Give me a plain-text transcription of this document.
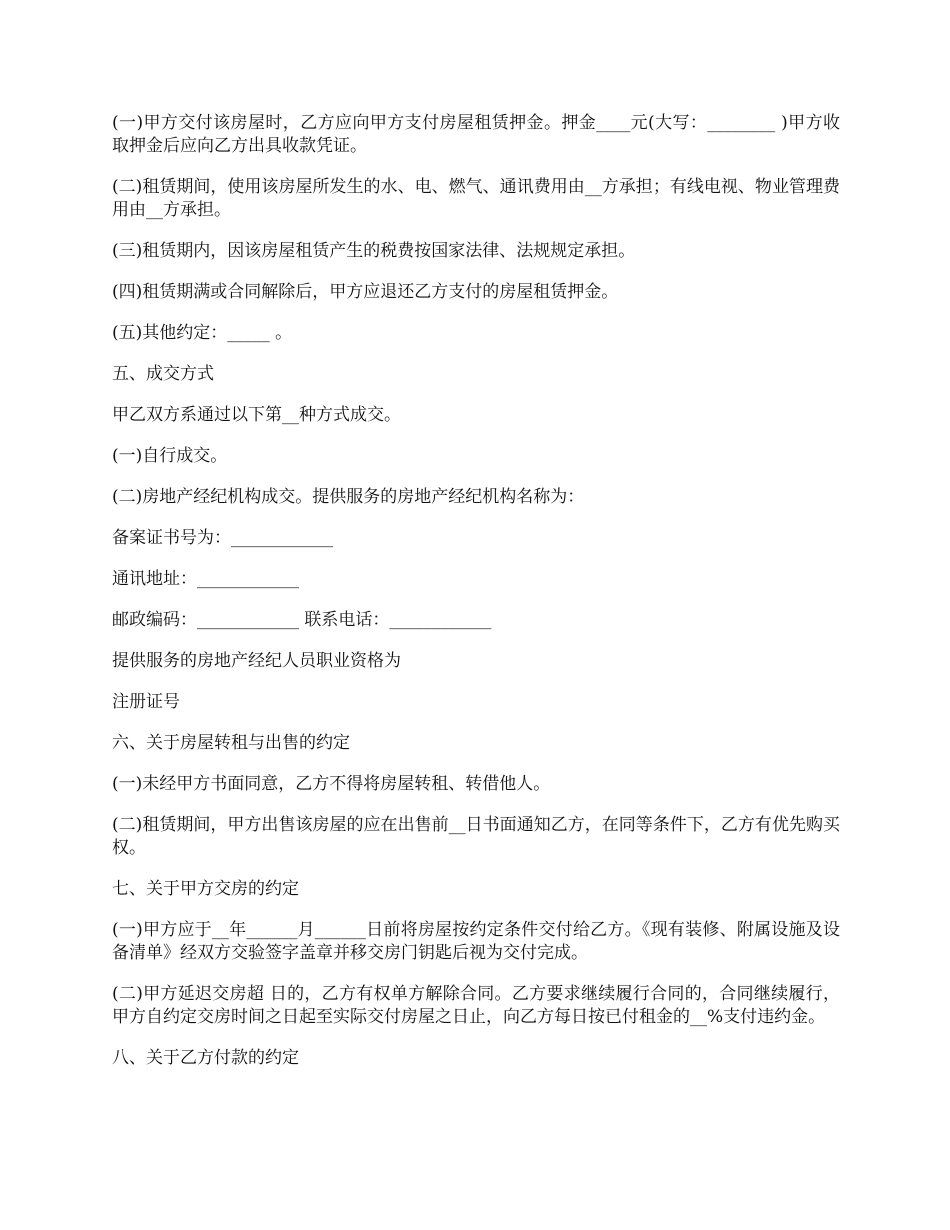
(一)甲方交付该房屋时，乙方应向甲方支付房屋租赁押金。押金____元(大写：________ )甲方收取押金后应向乙方出具收款凭证。

(二)租赁期间，使用该房屋所发生的水、电、燃气、通讯费用由__方承担；有线电视、物业管理费用由__方承担。

(三)租赁期内，因该房屋租赁产生的税费按国家法律、法规规定承担。

(四)租赁期满或合同解除后，甲方应退还乙方支付的房屋租赁押金。

(五)其他约定：_____ 。

五、成交方式

甲乙双方系通过以下第__种方式成交。

(一)自行成交。

(二)房地产经纪机构成交。提供服务的房地产经纪机构名称为：

备案证书号为：____________

通讯地址：____________

邮政编码：____________ 联系电话：____________

提供服务的房地产经纪人员职业资格为

注册证号

六、关于房屋转租与出售的约定

(一)未经甲方书面同意，乙方不得将房屋转租、转借他人。

(二)租赁期间，甲方出售该房屋的应在出售前__日书面通知乙方，在同等条件下，乙方有优先购买权。

七、关于甲方交房的约定

(一)甲方应于__年______月______日前将房屋按约定条件交付给乙方。《现有装修、附属设施及设备清单》经双方交验签字盖章并移交房门钥匙后视为交付完成。

(二)甲方延迟交房超 日的，乙方有权单方解除合同。乙方要求继续履行合同的，合同继续履行，甲方自约定交房时间之日起至实际交付房屋之日止，向乙方每日按已付租金的__%支付违约金。

八、关于乙方付款的约定
